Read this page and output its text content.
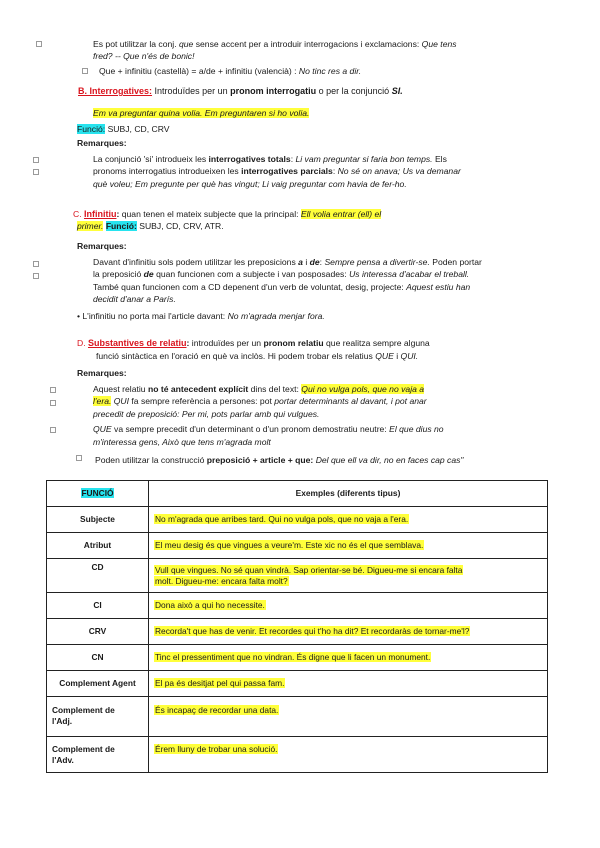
Es pot utilitzar la conj. que sense accent per a introduir interrogacions i exclamacions: Que tens
fred? -- Que n'és de bonic!
Que + infinitiu (castellà) = a/de + infinitiu (valencià) : No tinc res a dir.
B. Interrogatives: Introduïdes per un pronom interrogatiu o per la conjunció SI.
Em va preguntar quina volia. Em preguntaren si ho volia.
Funció: SUBJ, CD, CRV
Remarques:
La conjunció 'si' introdueix les interrogatives totals: Li vam preguntar si faria bon temps. Els
pronoms interrogatius introdueixen les interrogatives parcials: No sé on anava; Us va demanar
què voleu; Em pregunte per què has vingut; Li vaig preguntar com havia de fer-ho.
C. Infinitiu: quan tenen el mateix subjecte que la principal: Ell volia entrar (ell) el
primer. Funció: SUBJ, CD, CRV, ATR.
Remarques:
Davant d'infinitiu sols podem utilitzar les preposicions a i de: Sempre pensa a divertir-se. Poden portar
la preposició de quan funcionen com a subjecte i van posposades: Us interessa d'acabar el treball.
També quan funcionen com a CD depenent d'un verb de voluntat, desig, projecte: Aquest estiu han
decidit d'anar a París.
• L'infinitiu no porta mai l'article davant: No m'agrada menjar fora.
D. Substantives de relatiu: introduïdes per un pronom relatiu que realitza sempre alguna
funció sintàctica en l'oració en què va inclòs. Hi podem trobar els relatius QUE i QUI.
Remarques:
Aquest relatiu no té antecedent explícit dins del text: Qui no vulga pols, que no vaja a
l'era. QUI fa sempre referència a persones: pot portar determinants al davant, i pot anar
precedit de preposició: Per mi, pots parlar amb qui vulgues.
QUE va sempre precedit d'un determinant o d'un pronom demostratiu neutre: El que dius no
m'interessa gens, Això que tens m'agrada molt
Poden utilitzar la construcció preposició + article + que: Del que ell va dir, no en faces cap cas"
FUNCIÓ	Exemples (diferents tipus)
Subjecte	No m'agrada que arribes tard. Qui no vulga pols, que no vaja a l'era.
Atribut	El meu desig és que vingues a veure'm. Este xic no és el que semblava.
CD	Vull que vingues. No sé quan vindrà. Sap orientar-se bé. Digueu-me si encara falta
molt. Digueu-me: encara falta molt?
CI	Dona això a qui ho necessite.
CRV	Recorda't que has de venir. Et recordes qui t'ho ha dit? Et recordaràs de tornar-me'l?
CN	Tinc el pressentiment que no vindran. És digne que li facen un monument.
Complement Agent	El pa és desitjat pel qui passa fam.
Complement de
l'Adj.	És incapaç de recordar una data.
Complement de
l'Adv.	Érem lluny de trobar una solució.
